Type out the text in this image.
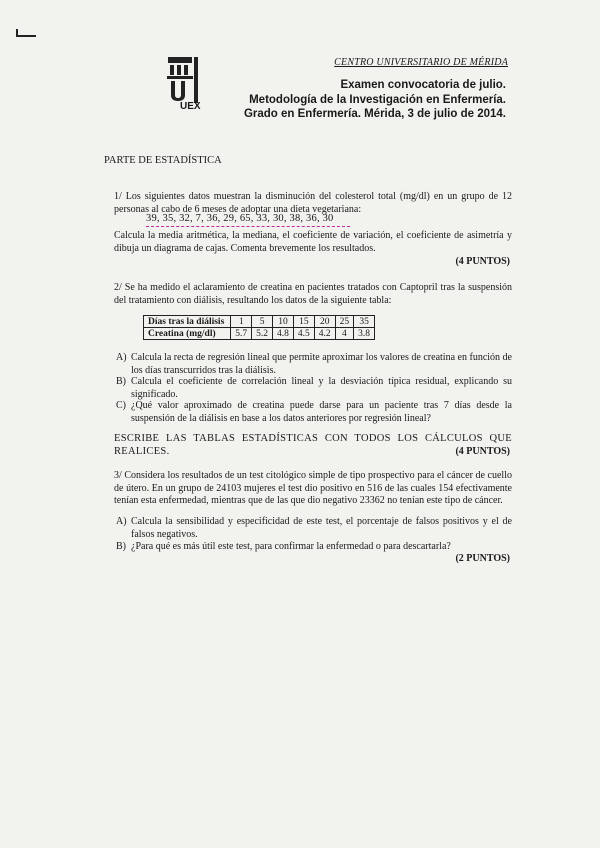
UEX
CENTRO UNIVERSITARIO DE MÉRIDA
Examen convocatoria de julio.
Metodología de la Investigación en Enfermería.
Grado en Enfermería. Mérida, 3 de julio de 2014.
PARTE DE ESTADÍSTICA
1/ Los siguientes datos muestran la disminución del colesterol total (mg/dl) en un grupo de 12 personas al cabo de 6 meses de adoptar una dieta vegetariana:
39, 35, 32, 7, 36, 29, 65, 33, 30, 38, 36, 30
Calcula la media aritmética, la mediana, el coeficiente de variación, el coeficiente de asimetría y dibuja un diagrama de cajas. Comenta brevemente los resultados.
(4 PUNTOS)
2/ Se ha medido el aclaramiento de creatina en pacientes tratados con Captopril tras la suspensión del tratamiento con diálisis, resultando los datos de la siguiente tabla:
Días tras la diálisis	1	5	10	15	20	25	35
Creatina (mg/dl)	5.7	5.2	4.8	4.5	4.2	4	3.8
A) Calcula la recta de regresión lineal que permite aproximar los valores de creatina en función de los días transcurridos tras la diálisis.
B) Calcula el coeficiente de correlación lineal y la desviación típica residual, explicando su significado.
C) ¿Qué valor aproximado de creatina puede darse para un paciente tras 7 días desde la suspensión de la diálisis en base a los datos anteriores por regresión lineal?
ESCRIBE LAS TABLAS ESTADÍSTICAS CON TODOS LOS CÁLCULOS QUE REALICES.	(4 PUNTOS)
3/ Considera los resultados de un test citológico simple de tipo prospectivo para el cáncer de cuello de útero. En un grupo de 24103 mujeres el test dio positivo en 516 de las cuales 154 efectivamente tenían esta enfermedad, mientras que de las que dio negativo 23362 no tenían este tipo de cáncer.
A) Calcula la sensibilidad y especificidad de este test, el porcentaje de falsos positivos y el de falsos negativos.
B) ¿Para qué es más útil este test, para confirmar la enfermedad o para descartarla?
(2 PUNTOS)
